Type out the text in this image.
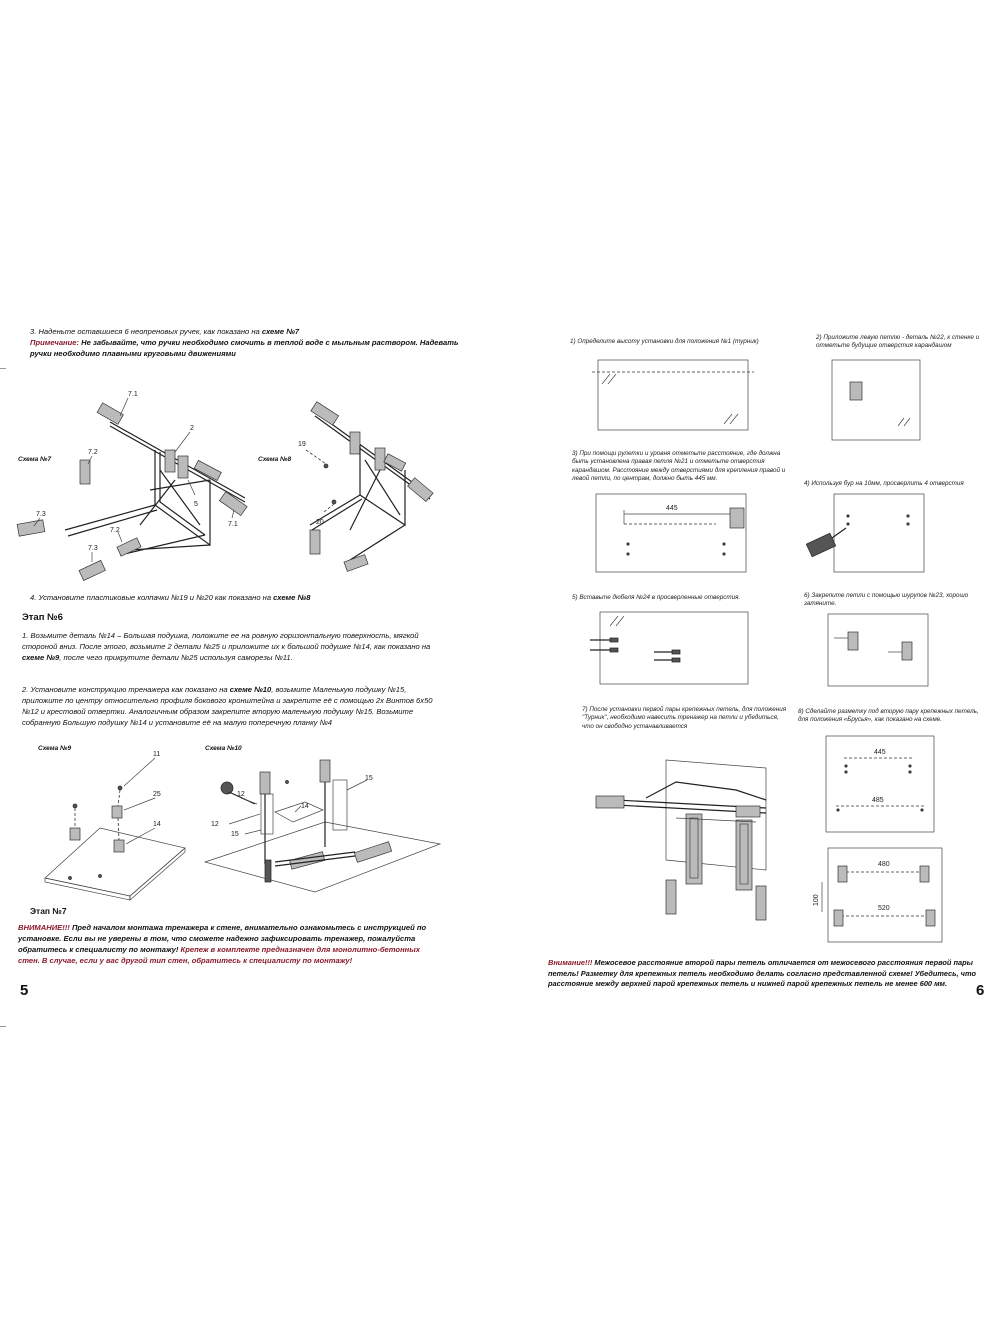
3. Наденьте оставшиеся 6 неопреновых ручек, как показано на схеме №7
Примечание: Не забывайте, что ручки необходимо смочить в теплой воде с мыльным раствором. Надевать ручки необходимо плавными круговыми движениями
Схема №7
7.1
7.2
2
7.3
7.2
5
7.1
7.3
Схема №8
19
20
4. Установите пластиковые колпачки №19 и №20 как показано на схеме №8
Этап №6
1. Возьмите деталь №14 – Большая подушка, положите ее на ровную горизонтальную поверхность, мягкой стороной вниз. После этого, возьмите 2 детали №25 и приложите их к большой подушке №14, как показано на схеме №9, после чего прикрутите детали №25 используя саморезы №11.
2. Установите конструкцию тренажера как показано на схеме №10, возьмите Маленькую подушку №15, приложите по центру относительно профиля бокового кронштейна и закрепите её с помощью 2х Винтов 6х50 №12 и крестовой отвертки. Аналогичным образом закрепите вторую маленькую подушку №15. Возьмите собранную Большую подушку №14 и установите её на малую поперечную планку №4
Схема №9
11
25
14
Схема №10
15
12
14
12
15
Этап №7
ВНИМАНИЕ!!! Пред началом монтажа тренажера к стене, внимательно ознакомьтесь с инструкцией по установке. Если вы не уверены в том, что сможете надежно зафиксировать тренажер, пожалуйста обратитесь к специалисту по монтажу! Крепеж в комплекте предназначен для монолитно-бетонных стен. В случае, если у вас другой тип стен, обратитесь к специалисту по монтажу!
5
1) Определите высоту установки для положения №1 (турник)
2) Приложите левую петлю - деталь №22, к стенке и отметьте будущие отверстия карандашом
3) При помощи рулетки и уровня отметьте расстояние, где должна быть установлена правая петля №21 и отметьте отверстия карандашом. Расстояние между отверстиями для крепления правой и левой петли, по центрам, должно быть 445 мм.
445
4) Используя бур на 10мм, просверлить 4 отверстия
5) Вставьте дюбеля №24 в просверленные отверстия.	6) Закрепите петли с помощью шурупов №23, хорошо затяните.
7) После установки первой пары крепежных петель, для положения "Турник", необходимо навесить тренажер на петли и убедиться, что он свободно устанавливается
8) Сделайте разметку под вторую пару крепежных петель, для положения «Брусья», как показано на схеме.
445
485
480
520
100
Внимание!!! Межосевое расстояние второй пары петель отличается от межосевого расстояния первой пары петель! Разметку для крепежных петель необходимо делать согласно представленной схеме! Убедитесь, что расстояние между верхней парой крепежных петель и нижней парой крепежных петель не менее 600 мм.	6
